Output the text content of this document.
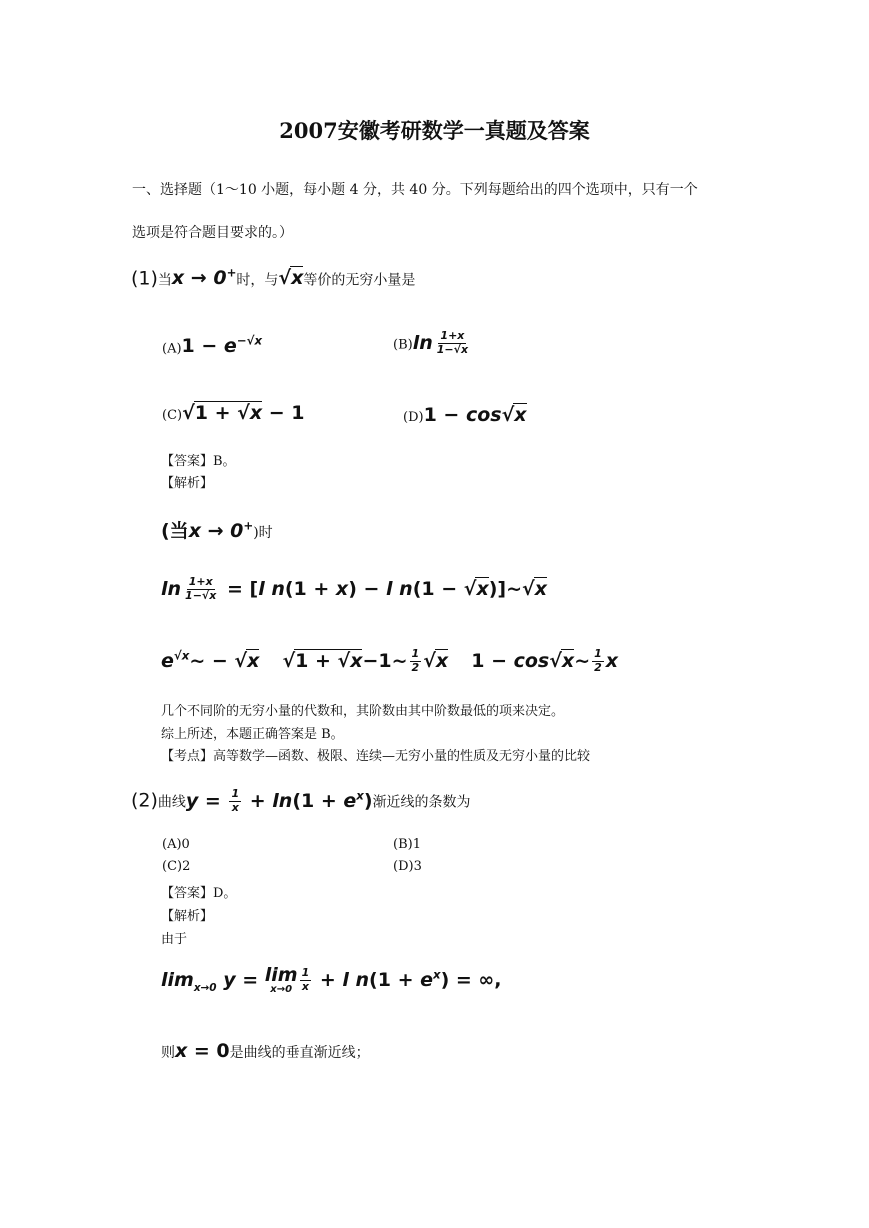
2007安徽考研数学一真题及答案
一、选择题（1～10 小题，每小题 4 分，共 40 分。下列每题给出的四个选项中，只有一个
选项是符合题目要求的。）
(1)当x → 0+时，与√x等价的无穷小量是
$(A)1 - e^{-√x}$	$(B)\ln \frac{1+x}{1-√x}$
(C)√1 + √x − 1	(D)1 − cos√x
【答案】B。
【解析】
(当x → 0+)时
$\ln \frac{1+x}{1-√x} = [l$ n(1 + x) − l n(1 − √x)]~√x
$e^{√x}\sim - √x$ √1 + √x−1~ $\frac{1}{2} √x$ 1 − cos√x~ $\frac{1}{2}$ x
几个不同阶的无穷小量的代数和，其阶数由其中阶数最低的项来决定。
综上所述，本题正确答案是 B。
【考点】高等数学—函数、极限、连续—无穷小量的性质及无穷小量的比较
(2)曲线$y = \frac{1}{x} + \ln(1 + e^x)$渐近线的条数为
(A)0	(B)1
(C)2	(D)3
【答案】D。
【解析】
由于
$\lim_{x\to 0} y = \lim$
$x\to 0 \frac{1}{x} + l$ $n(1 + e^x)$ = ∞,
则x = 0是曲线的垂直渐近线；
